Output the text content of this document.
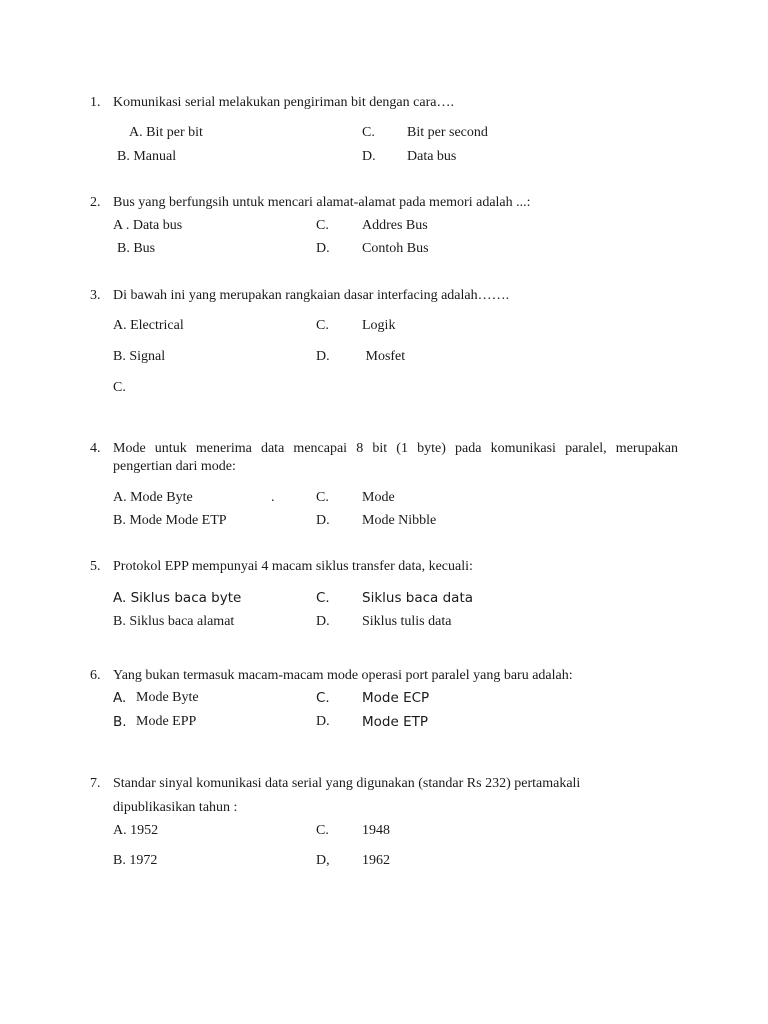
1. Komunikasi serial melakukan pengiriman bit dengan cara….
A. Bit per bit	C. Bit per second
B. Manual	D. Data bus
2. Bus yang berfungsih untuk mencari alamat-alamat pada memori adalah ...:
A . Data bus	C. Addres Bus
B. Bus	D. Contoh Bus
3. Di bawah ini yang merupakan rangkaian dasar interfacing adalah…….
A. Electrical	C. Logik
B. Signal	D. Mosfet
C.
4. Mode untuk menerima data mencapai 8 bit (1 byte) pada komunikasi paralel, merupakan
pengertian dari mode:
A. Mode Byte	.	C. Mode
B. Mode Mode ETP	D. Mode Nibble
5. Protokol EPP mempunyai 4 macam siklus transfer data, kecuali:
A. Siklus baca byte	C. Siklus baca data
B. Siklus baca alamat	D. Siklus tulis data
6. Yang bukan termasuk macam-macam mode operasi port paralel yang baru adalah:
A. Mode Byte	C. Mode ECP
B. Mode EPP	D. Mode ETP
7. Standar sinyal komunikasi data serial yang digunakan (standar Rs 232) pertamakali
dipublikasikan tahun :
A. 1952	C. 1948
B. 1972	D, 1962
